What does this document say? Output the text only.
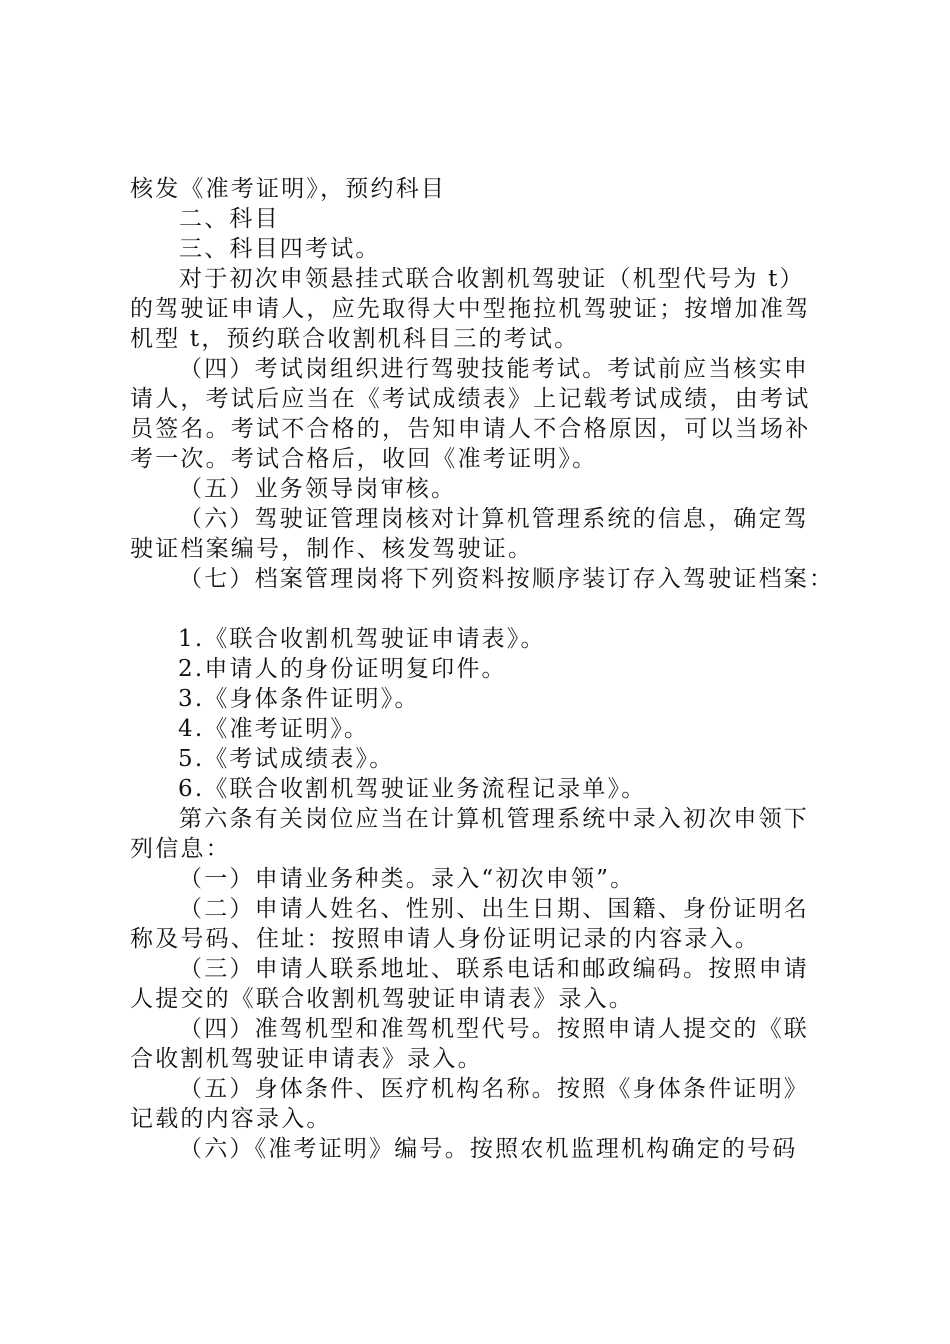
核发《准考证明》，预约科目
二、科目
三、科目四考试。
对于初次申领悬挂式联合收割机驾驶证（机型代号为 t）
的驾驶证申请人，应先取得大中型拖拉机驾驶证；按增加准驾
机型 t，预约联合收割机科目三的考试。
（四）考试岗组织进行驾驶技能考试。考试前应当核实申
请人，考试后应当在《考试成绩表》上记载考试成绩，由考试
员签名。考试不合格的，告知申请人不合格原因，可以当场补
考一次。考试合格后，收回《准考证明》。
（五）业务领导岗审核。
（六）驾驶证管理岗核对计算机管理系统的信息，确定驾
驶证档案编号，制作、核发驾驶证。
（七）档案管理岗将下列资料按顺序装订存入驾驶证档案：
1.《联合收割机驾驶证申请表》。
2.申请人的身份证明复印件。
3.《身体条件证明》。
4.《准考证明》。
5.《考试成绩表》。
6.《联合收割机驾驶证业务流程记录单》。
第六条有关岗位应当在计算机管理系统中录入初次申领下
列信息：
（一）申请业务种类。录入“初次申领”。
（二）申请人姓名、性别、出生日期、国籍、身份证明名
称及号码、住址：按照申请人身份证明记录的内容录入。
（三）申请人联系地址、联系电话和邮政编码。按照申请
人提交的《联合收割机驾驶证申请表》录入。
（四）准驾机型和准驾机型代号。按照申请人提交的《联
合收割机驾驶证申请表》录入。
（五）身体条件、医疗机构名称。按照《身体条件证明》
记载的内容录入。
（六）《准考证明》编号。按照农机监理机构确定的号码
